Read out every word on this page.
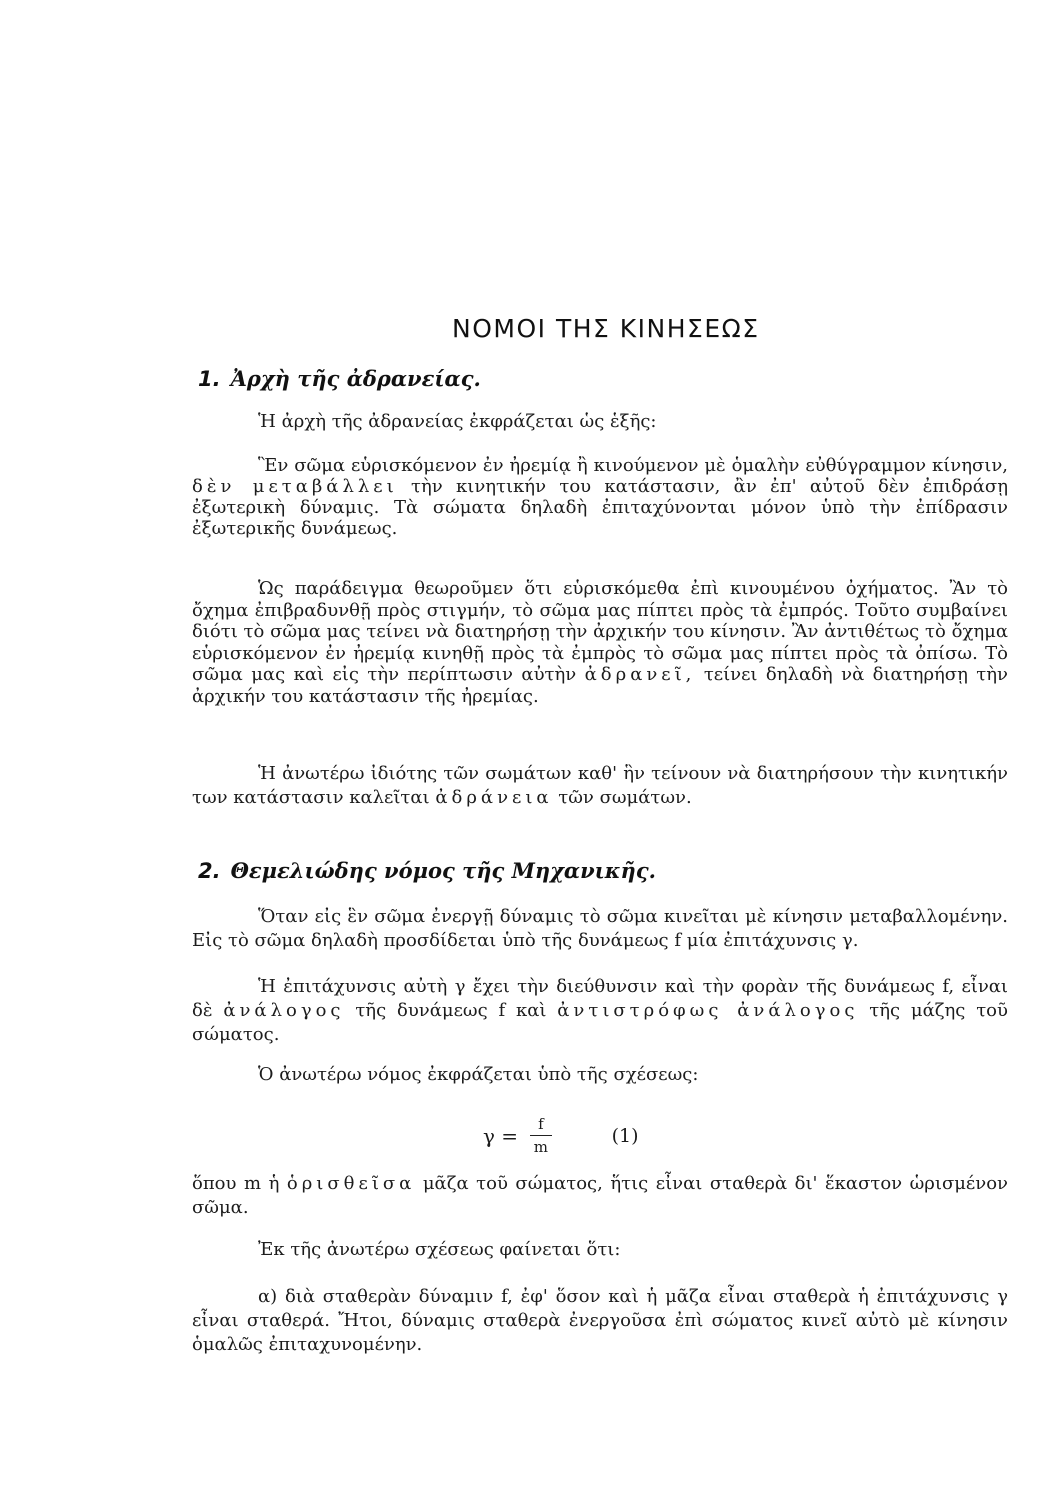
ΝΟΜΟΙ ΤΗΣ ΚΙΝΗΣΕΩΣ
1. Ἀρχὴ τῆς ἀδρανείας.

Ἡ ἀρχὴ τῆς ἀδρανείας ἐκφράζεται ὡς ἑξῆς:

Ἓν σῶμα εὑρισκόμενον ἐν ἠρεμίᾳ ἢ κινούμενον μὲ ὁμαλὴν εὐθύγραμμον κίνησιν, δὲν μεταβάλλει τὴν κινητικήν του κατάστασιν, ἂν ἐπ' αὐτοῦ δὲν ἐπιδράσῃ ἐξωτερικὴ δύναμις. Τὰ σώματα δηλαδὴ ἐπιταχύνονται μόνον ὑπὸ τὴν ἐπίδρασιν ἐξωτερικῆς δυνάμεως.

Ὡς παράδειγμα θεωροῦμεν ὅτι εὑρισκόμεθα ἐπὶ κινουμένου ὀχήματος. Ἂν τὸ ὄχημα ἐπιβραδυνθῇ πρὸς στιγμήν, τὸ σῶμα μας πίπτει πρὸς τὰ ἐμπρός. Τοῦτο συμβαίνει διότι τὸ σῶμα μας τείνει νὰ διατηρήσῃ τὴν ἀρχικήν του κίνησιν. Ἂν ἀντιθέτως τὸ ὄχημα εὑρισκόμενον ἐν ἠρεμίᾳ κινηθῇ πρὸς τὰ ἐμπρὸς τὸ σῶμα μας πίπτει πρὸς τὰ ὀπίσω. Τὸ σῶμα μας καὶ εἰς τὴν περίπτωσιν αὐτὴν ἀδρανεῖ, τείνει δηλαδὴ νὰ διατηρήσῃ τὴν ἀρχικήν του κατάστασιν τῆς ἠρεμίας.

Ἡ ἀνωτέρω ἰδιότης τῶν σωμάτων καθ' ἣν τείνουν νὰ διατηρήσουν τὴν κινητικήν των κατάστασιν καλεῖται ἀδράνεια τῶν σωμάτων.

2. Θεμελιώδης νόμος τῆς Μηχανικῆς.

Ὅταν εἰς ἓν σῶμα ἐνεργῇ δύναμις τὸ σῶμα κινεῖται μὲ κίνησιν μεταβαλλομένην. Εἰς τὸ σῶμα δηλαδὴ προσδίδεται ὑπὸ τῆς δυνάμεως f μία ἐπιτάχυνσις γ.

Ἡ ἐπιτάχυνσις αὐτὴ γ ἔχει τὴν διεύθυνσιν καὶ τὴν φορὰν τῆς δυνάμεως f, εἶναι δὲ ἀνάλογος τῆς δυνάμεως f καὶ ἀντιστρόφως ἀνάλογος τῆς μάζης τοῦ σώματος.

Ὁ ἀνωτέρω νόμος ἐκφράζεται ὑπὸ τῆς σχέσεως:

$\gamma = \frac{f}{m}$	(1)

ὅπου m ἡ ὁρισθεῖσα μᾶζα τοῦ σώματος, ἥτις εἶναι σταθερὰ δι' ἕκαστον ὡρισμένον σῶμα.

Ἐκ τῆς ἀνωτέρω σχέσεως φαίνεται ὅτι:

α) διὰ σταθερὰν δύναμιν f, ἐφ' ὅσον καὶ ἡ μᾶζα εἶναι σταθερὰ ἡ ἐπιτάχυνσις γ εἶναι σταθερά. Ἤτοι, δύναμις σταθερὰ ἐνεργοῦσα ἐπὶ σώματος κινεῖ αὐτὸ μὲ κίνησιν ὁμαλῶς ἐπιταχυνομένην.
